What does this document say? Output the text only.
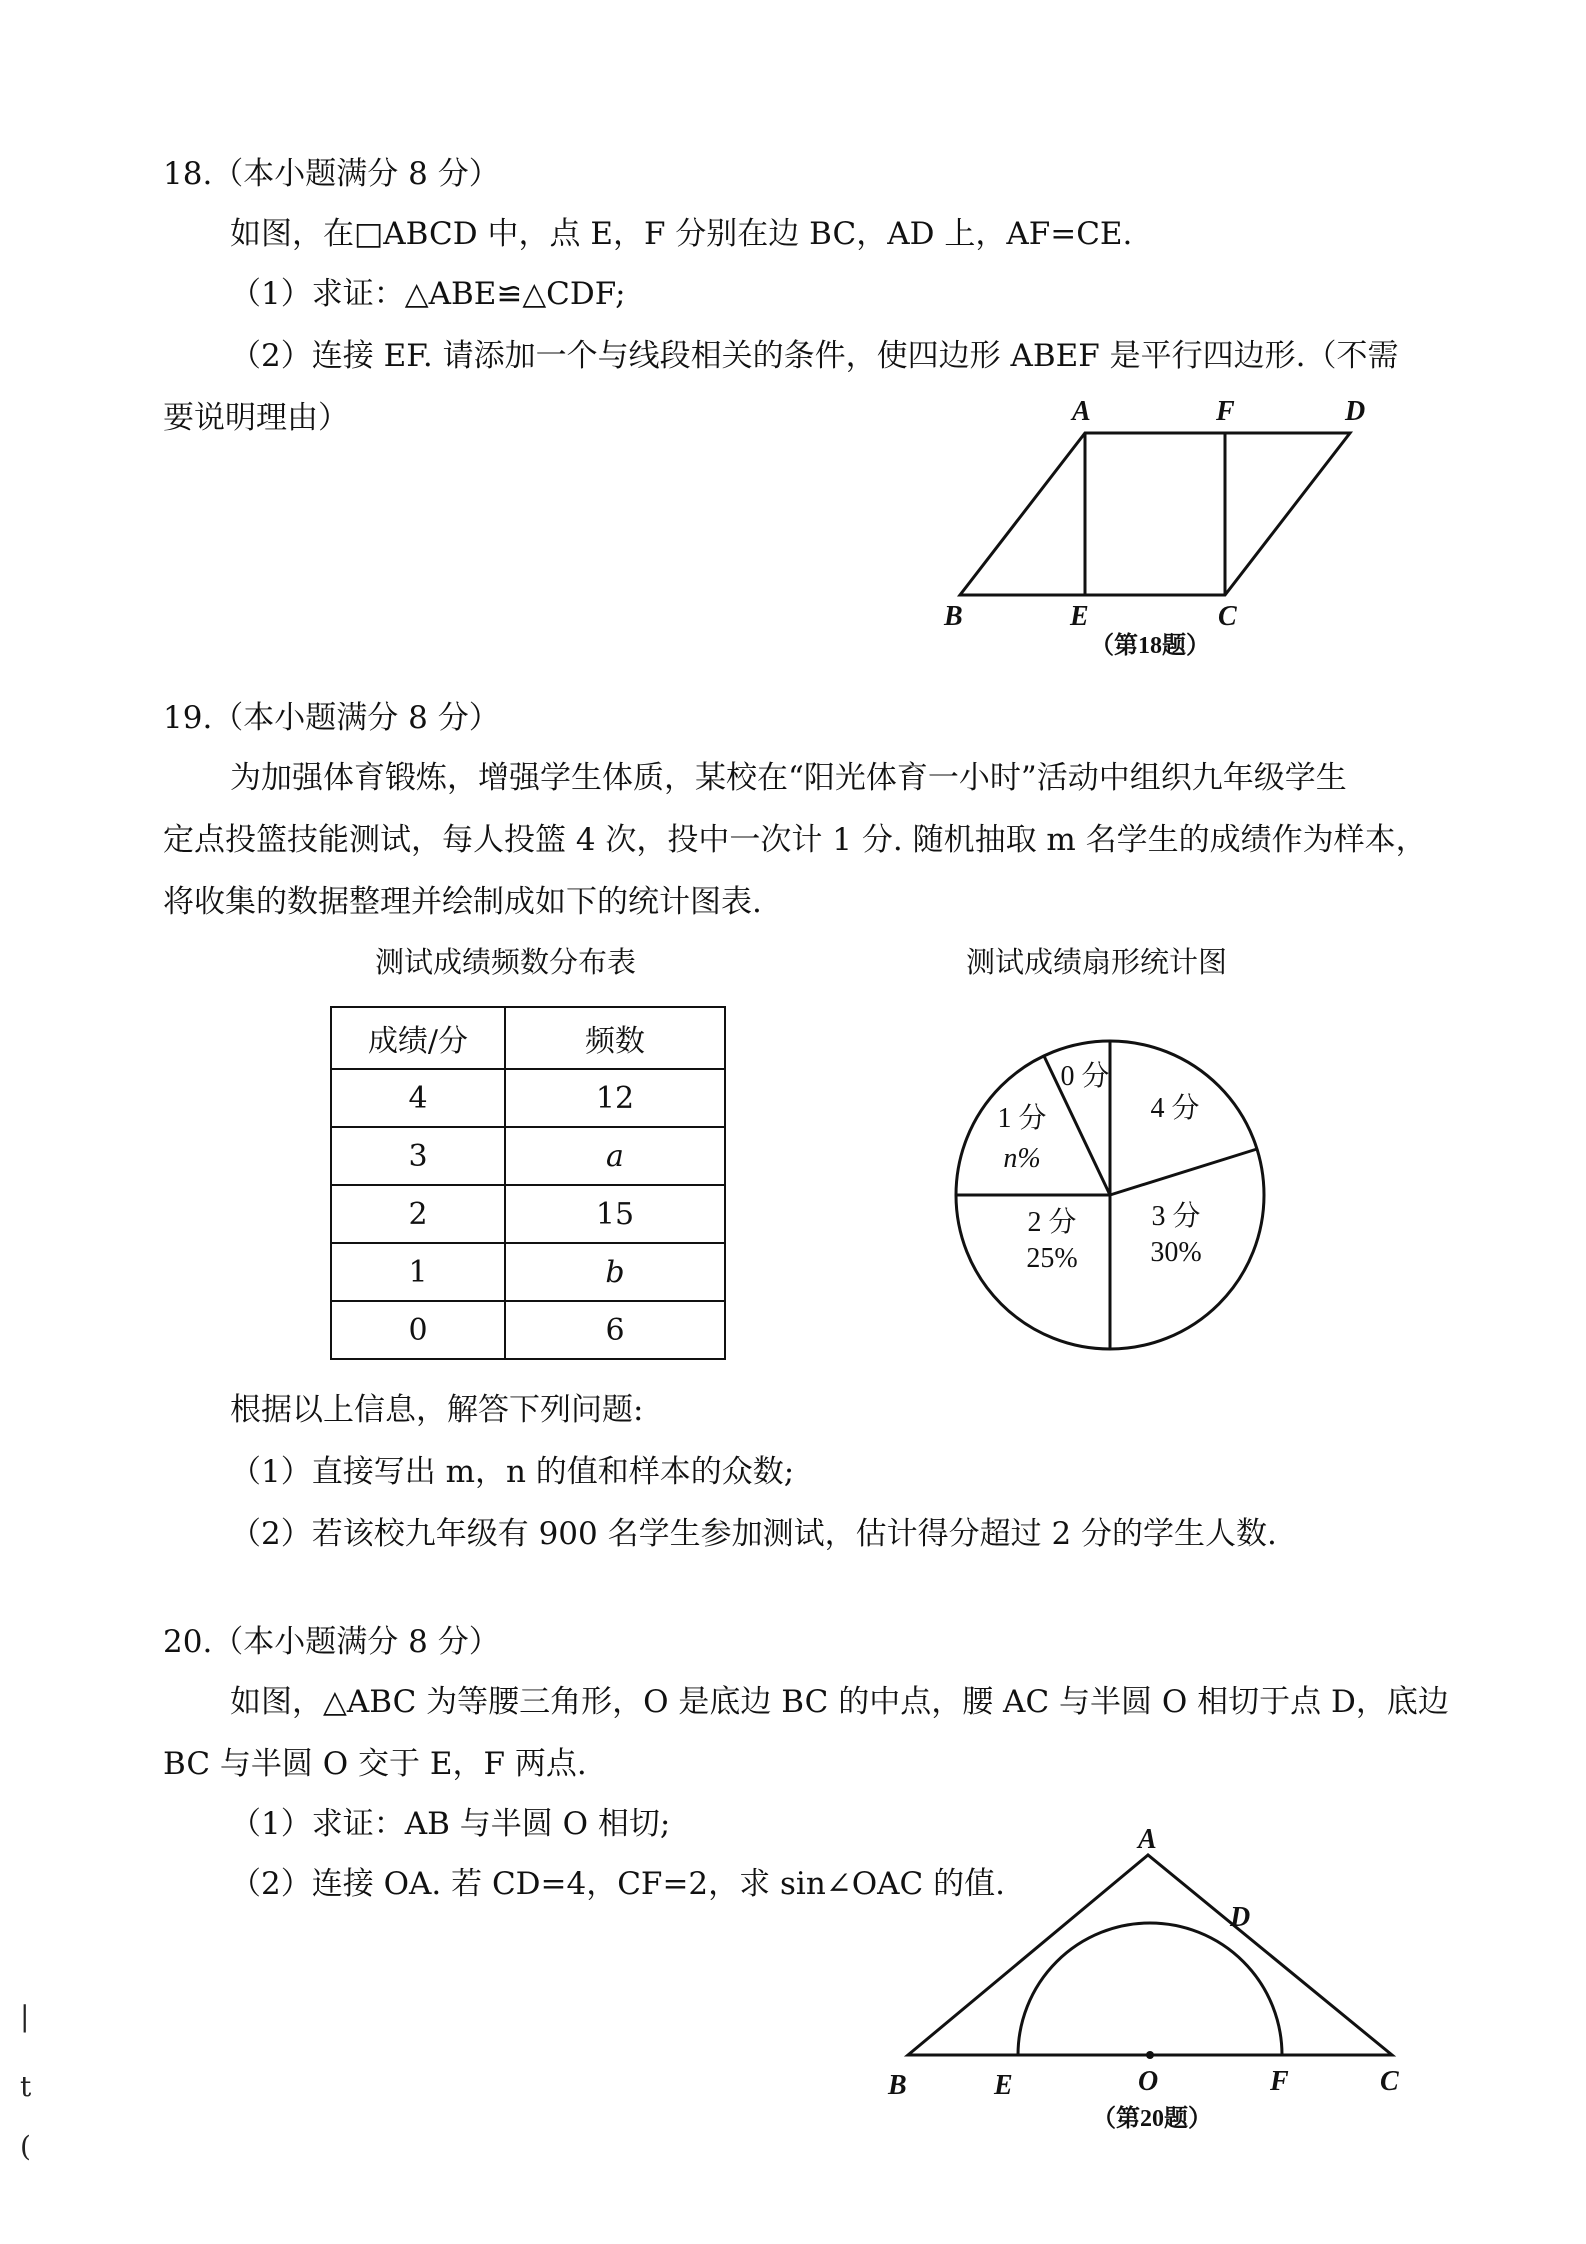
18.（本小题满分 8 分）
如图，在□ABCD 中，点 E，F 分别在边 BC，AD 上，AF=CE.
（1）求证：△ABE≌△CDF;
（2）连接 EF. 请添加一个与线段相关的条件，使四边形 ABEF 是平行四边形.（不需
要说明理由）	A	F	D
B	E	C
（第18题）
19.（本小题满分 8 分）
为加强体育锻炼，增强学生体质，某校在“阳光体育一小时”活动中组织九年级学生
定点投篮技能测试，每人投篮 4 次，投中一次计 1 分. 随机抽取 m 名学生的成绩作为样本，
将收集的数据整理并绘制成如下的统计图表.
测试成绩频数分布表	测试成绩扇形统计图
成绩/分	频数
4	12
3	a
2	15
1	b
0	6
4 分
3 分
30%
2 分
25%
1 分
n%
0 分
根据以上信息，解答下列问题:
（1）直接写出 m，n 的值和样本的众数;
（2）若该校九年级有 900 名学生参加测试，估计得分超过 2 分的学生人数.
20.（本小题满分 8 分）
如图，△ABC 为等腰三角形，O 是底边 BC 的中点，腰 AC 与半圆 O 相切于点 D，底边
BC 与半圆 O 交于 E，F 两点.
（1）求证：AB 与半圆 O 相切;
（2）连接 OA. 若 CD=4，CF=2，求 sin∠OAC 的值.
A
D
B	E	O	F	C
（第20题）
|
t
(
